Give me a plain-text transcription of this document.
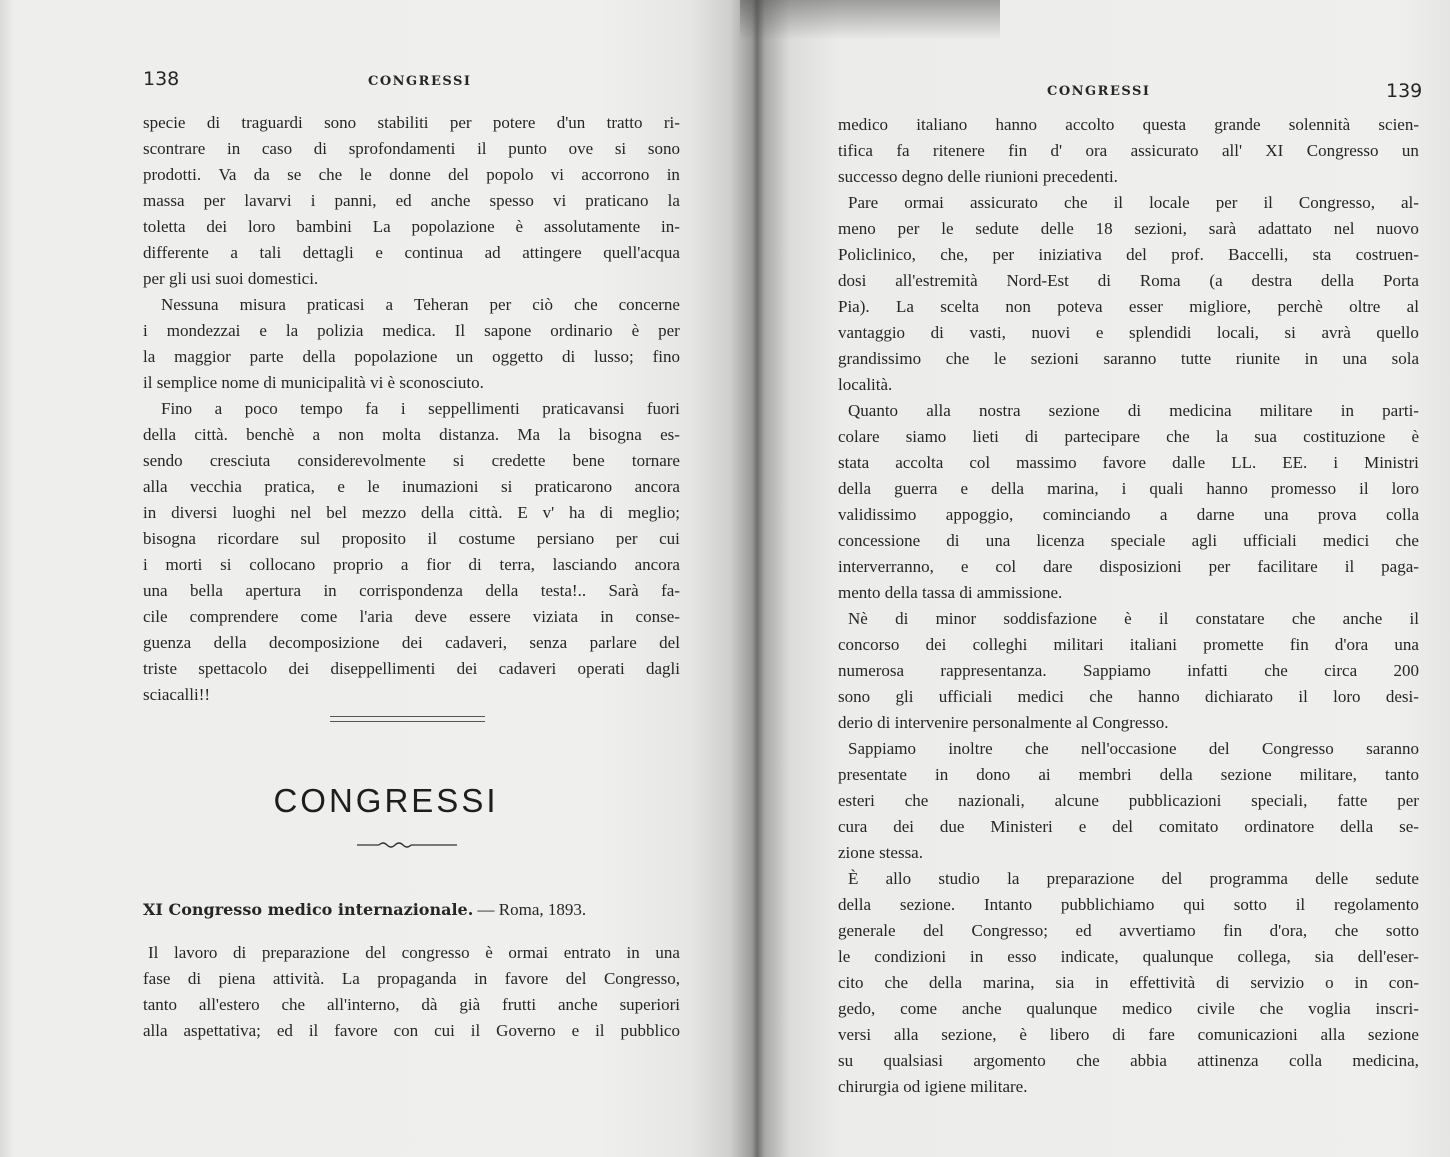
138	CONGRESSI
specie di traguardi sono stabiliti per potere d'un tratto ri-
scontrare in caso di sprofondamenti il punto ove si sono
prodotti. Va da se che le donne del popolo vi accorrono in
massa per lavarvi i panni, ed anche spesso vi praticano la
toletta dei loro bambini La popolazione è assolutamente in-
differente a tali dettagli e continua ad attingere quell'acqua
per gli usi suoi domestici.
Nessuna misura praticasi a Teheran per ciò che concerne
i mondezzai e la polizia medica. Il sapone ordinario è per
la maggior parte della popolazione un oggetto di lusso; fino
il semplice nome di municipalità vi è sconosciuto.
Fino a poco tempo fa i seppellimenti praticavansi fuori
della città. benchè a non molta distanza. Ma la bisogna es-
sendo cresciuta considerevolmente si credette bene tornare
alla vecchia pratica, e le inumazioni si praticarono ancora
in diversi luoghi nel bel mezzo della città. E v' ha di meglio;
bisogna ricordare sul proposito il costume persiano per cui
i morti si collocano proprio a fior di terra, lasciando ancora
una bella apertura in corrispondenza della testa!.. Sarà fa-
cile comprendere come l'aria deve essere viziata in conse-
guenza della decomposizione dei cadaveri, senza parlare del
triste spettacolo dei diseppellimenti dei cadaveri operati dagli
sciacalli!!
CONGRESSI
XI Congresso medico internazionale. — Roma, 1893.
Il lavoro di preparazione del congresso è ormai entrato in una
fase di piena attività. La propaganda in favore del Congresso,
tanto all'estero che all'interno, dà già frutti anche superiori
alla aspettativa; ed il favore con cui il Governo e il pubblico
CONGRESSI	139
medico italiano hanno accolto questa grande solennità scien-
tifica fa ritenere fin d' ora assicurato all' XI Congresso un
successo degno delle riunioni precedenti.
Pare ormai assicurato che il locale per il Congresso, al-
meno per le sedute delle 18 sezioni, sarà adattato nel nuovo
Policlinico, che, per iniziativa del prof. Baccelli, sta costruen-
dosi all'estremità Nord-Est di Roma (a destra della Porta
Pia). La scelta non poteva esser migliore, perchè oltre al
vantaggio di vasti, nuovi e splendidi locali, si avrà quello
grandissimo che le sezioni saranno tutte riunite in una sola
località.
Quanto alla nostra sezione di medicina militare in parti-
colare siamo lieti di partecipare che la sua costituzione è
stata accolta col massimo favore dalle LL. EE. i Ministri
della guerra e della marina, i quali hanno promesso il loro
validissimo appoggio, cominciando a darne una prova colla
concessione di una licenza speciale agli ufficiali medici che
interverranno, e col dare disposizioni per facilitare il paga-
mento della tassa di ammissione.
Nè di minor soddisfazione è il constatare che anche il
concorso dei colleghi militari italiani promette fin d'ora una
numerosa rappresentanza. Sappiamo infatti che circa 200
sono gli ufficiali medici che hanno dichiarato il loro desi-
derio di intervenire personalmente al Congresso.
Sappiamo inoltre che nell'occasione del Congresso saranno
presentate in dono ai membri della sezione militare, tanto
esteri che nazionali, alcune pubblicazioni speciali, fatte per
cura dei due Ministeri e del comitato ordinatore della se-
zione stessa.
È allo studio la preparazione del programma delle sedute
della sezione. Intanto pubblichiamo qui sotto il regolamento
generale del Congresso; ed avvertiamo fin d'ora, che sotto
le condizioni in esso indicate, qualunque collega, sia dell'eser-
cito che della marina, sia in effettività di servizio o in con-
gedo, come anche qualunque medico civile che voglia inscri-
versi alla sezione, è libero di fare comunicazioni alla sezione
su qualsiasi argomento che abbia attinenza colla medicina,
chirurgia od igiene militare.
